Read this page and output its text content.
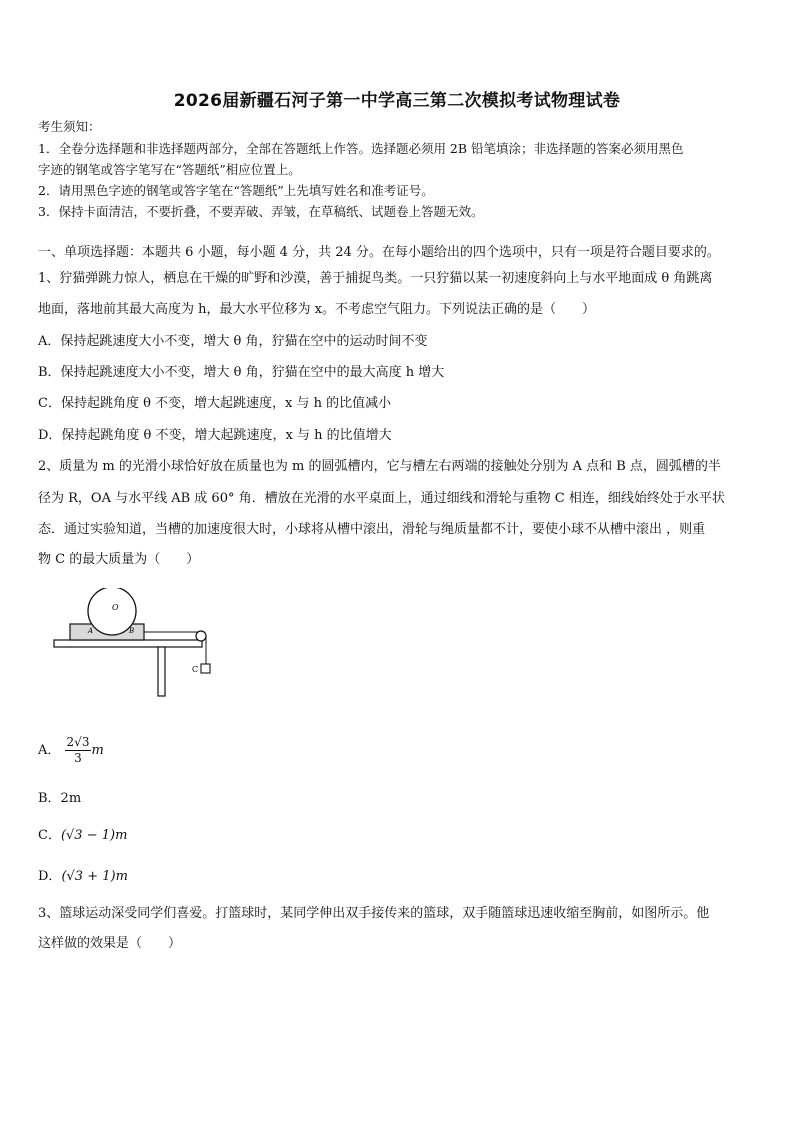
2026届新疆石河子第一中学高三第二次模拟考试物理试卷
考生须知：
1．全卷分选择题和非选择题两部分，全部在答题纸上作答。选择题必须用 2B 铅笔填涂；非选择题的答案必须用黑色
字迹的钢笔或答字笔写在“答题纸”相应位置上。
2．请用黑色字迹的钢笔或答字笔在“答题纸”上先填写姓名和准考证号。
3．保持卡面清洁，不要折叠，不要弄破、弄皱，在草稿纸、试题卷上答题无效。
一、单项选择题：本题共 6 小题，每小题 4 分，共 24 分。在每小题给出的四个选项中，只有一项是符合题目要求的。
1、狞猫弹跳力惊人，栖息在干燥的旷野和沙漠，善于捕捉鸟类。一只狞猫以某一初速度斜向上与水平地面成 θ 角跳离
地面，落地前其最大高度为 h，最大水平位移为 x。不考虑空气阻力。下列说法正确的是（　　）
A．保持起跳速度大小不变，增大 θ 角，狞猫在空中的运动时间不变
B．保持起跳速度大小不变，增大 θ 角，狞猫在空中的最大高度 h 增大
C．保持起跳角度 θ 不变，增大起跳速度，x 与 h 的比值减小
D．保持起跳角度 θ 不变，增大起跳速度，x 与 h 的比值增大
2、质量为 m 的光滑小球恰好放在质量也为 m 的圆弧槽内，它与槽左右两端的接触处分别为 A 点和 B 点，圆弧槽的半
径为 R，OA 与水平线 AB 成 60° 角．槽放在光滑的水平桌面上，通过细线和滑轮与重物 C 相连，细线始终处于水平状
态．通过实验知道，当槽的加速度很大时，小球将从槽中滚出，滑轮与绳质量都不计，要使小球不从槽中滚出 ，则重
物 C 的最大质量为（　　）
C
O
A	B
A． $\frac{2√3}{3}$ m
B．2m
C．(√3 − 1)m
D．(√3 + 1)m
3、篮球运动深受同学们喜爱。打篮球时，某同学伸出双手接传来的篮球，双手随篮球迅速收缩至胸前，如图所示。他
这样做的效果是（　　）
